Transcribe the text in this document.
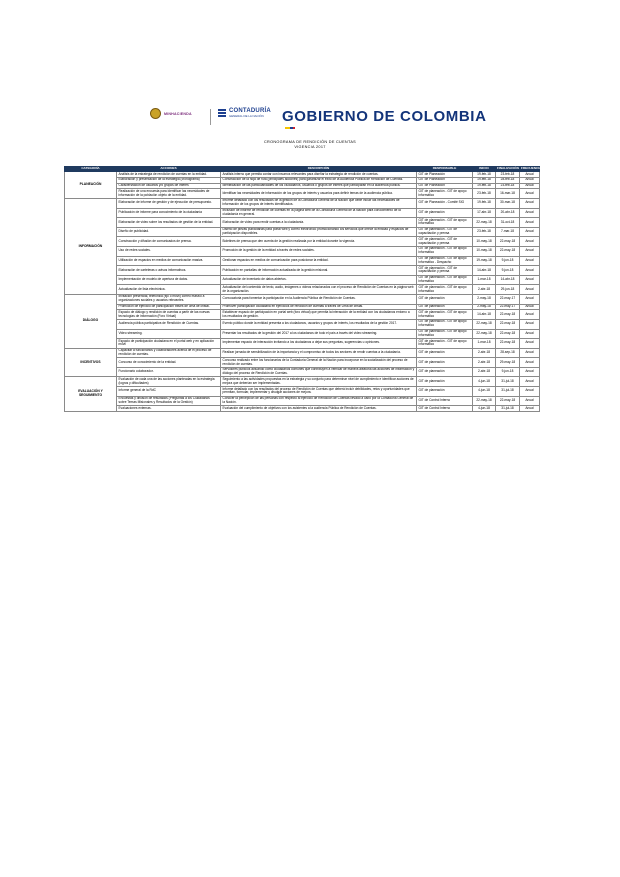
MINHACIENDA	CONTADURÍA
GENERAL DE LA NACIÓN	GOBIERNO DE COLOMBIA
CRONOGRAMA DE RENDICIÓN DE CUENTAS
VIGENCIA 2017
CATEGORÍA	ACCIONES	DESCRIPCIÓN	RESPONSABLE	INICIO	FINALIZACIÓN	FRECUENCIA
PLANEACIÓN	Análisis de la estrategia de rendición de cuentas en la entidad.	Análisis interno que permita contar con insumos relevantes para diseñar la estrategia de rendición de cuentas.	GIT de Planeación	19-feb-18	23-feb-18	Anual
	Elaboración y presentación de la estrategia (cronograma)	Construcción de la hoja de ruta (principales acciones) para garantizar el éxito de la Audiencia Pública de Rendición de Cuentas.	GIT de Planeación	19-feb-18	28-feb-18	Anual
	Caracterización de usuarios y/o grupos de interés	Identificación de las particularidades de los ciudadanos, usuarios o grupos de interés que participarán en la audiencia pública.	GIT de Planeación	19-feb-18	23-feb-18	Anual
	Realización de una encuesta para identificar las necesidades de información de la población objeto de la entidad.	Identificar las necesidades de información de los grupos de interés y usuarios para definir temas de la audiencia pública.	GIT de planeación - GIT de apoyo informático	23-feb-18	16-mar-18	Anual
INFORMACIÓN	Elaboración de informe de gestión y de ejecución de presupuesto.	Informe detallado con los resultados de la gestión de la Contaduría General de la Nación que debe incluir las necesidades de información de los grupos de interés identificados.	GIT de Planeación - Comité SIG	19-feb-18	30-mar-18	Anual
	Publicación de informe para conocimiento de la ciudadanía	Inclusión de informe de rendición de cuentas en la página web de la Contaduría General de la Nación para conocimiento de la ciudadanía en general.	GIT de planeación	17-abr-18	20-abr-18	Anual
	Elaboración de video sobre los resultados de gestión de la entidad.	Elaboración de video para rendir cuentas a la ciudadanía.	GIT de planeación - GIT de apoyo informático	22-may-18	31-oct-18	Anual
	Diseño de publicidad.	Diseño de piezas publicitarias para portal web y correo electrónico promocionando los servicios que ofrece la entidad y espacios de participación disponibles.	GIT de planeación - GIT de capacitación y prensa	23-feb-18	7-mar-18	Anual
	Construcción y difusión de comunicados de prensa.	Boletines de prensa que den cuenta de la gestión realizada por la entidad durante la vigencia.	GIT de planeación - GIT de capacitación y prensa	10-may-18	22-may-18	Anual
	Uso de redes sociales.	Promoción de la gestión de la entidad a través de redes sociales.	GIT de planeación - GIT de apoyo informático	10-may-18	22-may-18	Anual
	Utilización de espacios en medios de comunicación masiva.	Gestionar espacios en medios de comunicación para posicionar la entidad.	GIT de planeación - GIT de apoyo informático - Despacho	19-may-18	9-jun-18	Anual
	Elaboración de carteleras o avisos informativos.	Publicación en pantallas de información actualizada de la gestión misional.	GIT de planeación - GIT de capacitación y prensa	14-abr-18	9-jun-18	Anual
	Implementación de modelo de apertura de datos.	Actualización de inventario de datos abiertos.	GIT de planeación - GIT de apoyo informático	1-mar-18	14-abr-18	Anual
	Actualización de lista electrónica.	Actualización del contenido de texto, audio, imágenes o videos relacionados con el proceso de Rendición de Cuentas en la página web de la organización.	GIT de planeación - GIT de apoyo informático	2-abr-18	29-jun-18	Anual
DIÁLOGO	Invitación presencial, telefónica (fijo o móvil) correo masivo a organizaciones sociales y usuarios relevantes.	Convocatoria para fomentar la participación en la Audiencia Pública de Rendición de Cuentas.	GIT de planeación	2-may-18	22-may-17	Anual
	Promoción de ejercicio de participación través de urna de cristal.	Promover participación ciudadana en ejercicios de rendición de cuentas a través de Urna de cristal.	GIT de planeación	2-may-18	22-may-17	Anual
	Espacio de diálogo y rendición de cuentas a partir de las nuevas tecnologías de información (Foro Virtual)	Establecer espacio de participación en portal web (foro virtual) que permita la interacción de la entidad con los ciudadanos entorno a los resultados de gestión.	GIT de planeación - GIT de apoyo informático	14-abr-18	22-may-18	Anual
	Audiencia pública participativa de Rendición de Cuentas.	Evento público donde la entidad presenta a los ciudadanos, usuarios y grupos de interés, los resultados de la gestión 2017.	GIT de planeación - GIT de apoyo informático	22-may-18	22-may-18	Anual
	Video streaming.	Presentar los resultados de la gestión del 2017 a los ciudadanos de todo el país a través del video streaming.	GIT de planeación - GIT de apoyo informático	22-may-18	22-may-18	Anual
	Espacio de participación ciudadana en el portal web y en aplicación móvil	Implementar espacio de interacción invitando a los ciudadanos a dejar sus preguntas, sugerencias u opiniones.	GIT de planeación - GIT de apoyo informático	1-mar-18	22-may-18	Anual
INCENTIVOS	Capacitar a funcionarios y colaboradores acerca de el proceso de rendición de cuentas.	Realizar jornada de sensibilización de la importancia y el compromiso de todos los sectores de rendir cuentas a la ciudadanía.	GIT de planeación	2-abr-18	28-sep-18	Anual
	Concurso de conocimiento de la entidad.	Concurso realizado entre los funcionarios de la Contaduría General de la Nación para incorporar en la socialización del proceso de rendición de cuentas.	GIT de planeación	2-abr-18	29-may-18	Anual
	Funcionario colaborador.	Servidores públicos actuando como ciudadanos comunes que contribuyen a verificar de manera aleatoria las acciones de información y diálogo del proceso de Rendición de Cuentas.	GIT de planeación	2-abr-18	9-jun-18	Anual
EVALUACIÓN Y SEGUIMIENTO	Evaluación de cada una de las acciones planteadas en la estrategia (logros y dificultades)	Seguimiento a las actividades propuestas en la estrategia y su conjunto para determinar nivel de cumplimiento e identificar acciones de mejora que deberían ser implementadas.	GIT de planeación	4-jun-18	31-jul-18	Anual
	Informe general de la RdC	Informe detallado con los resultados del proceso de Rendición de Cuentas que deberá incluir debilidades, retos y oportunidades que permitan, formular, implementar y divulgar acciones de mejora.	GIT de planeación	4-jun-18	31-jul-18	Anual
	Encuestas y difusión de resultados (Preguntas a los Ciudadanos sobre Temas Misionales y Resultados de la Gestión)	Conocer la percepción de las personas con respecto al ejercicio de Rendición de Cuentas llevado a cabo por la Contaduría General de la Nación.	GIT de Control Interno	22-may-18	22-may-18	Anual
	Evaluaciones externas.	Evaluación del cumplimiento de objetivos con los asistentes a la audiencia Pública de Rendición de Cuentas.	GIT de Control Interno	4-jun-18	31-jul-18	Anual
